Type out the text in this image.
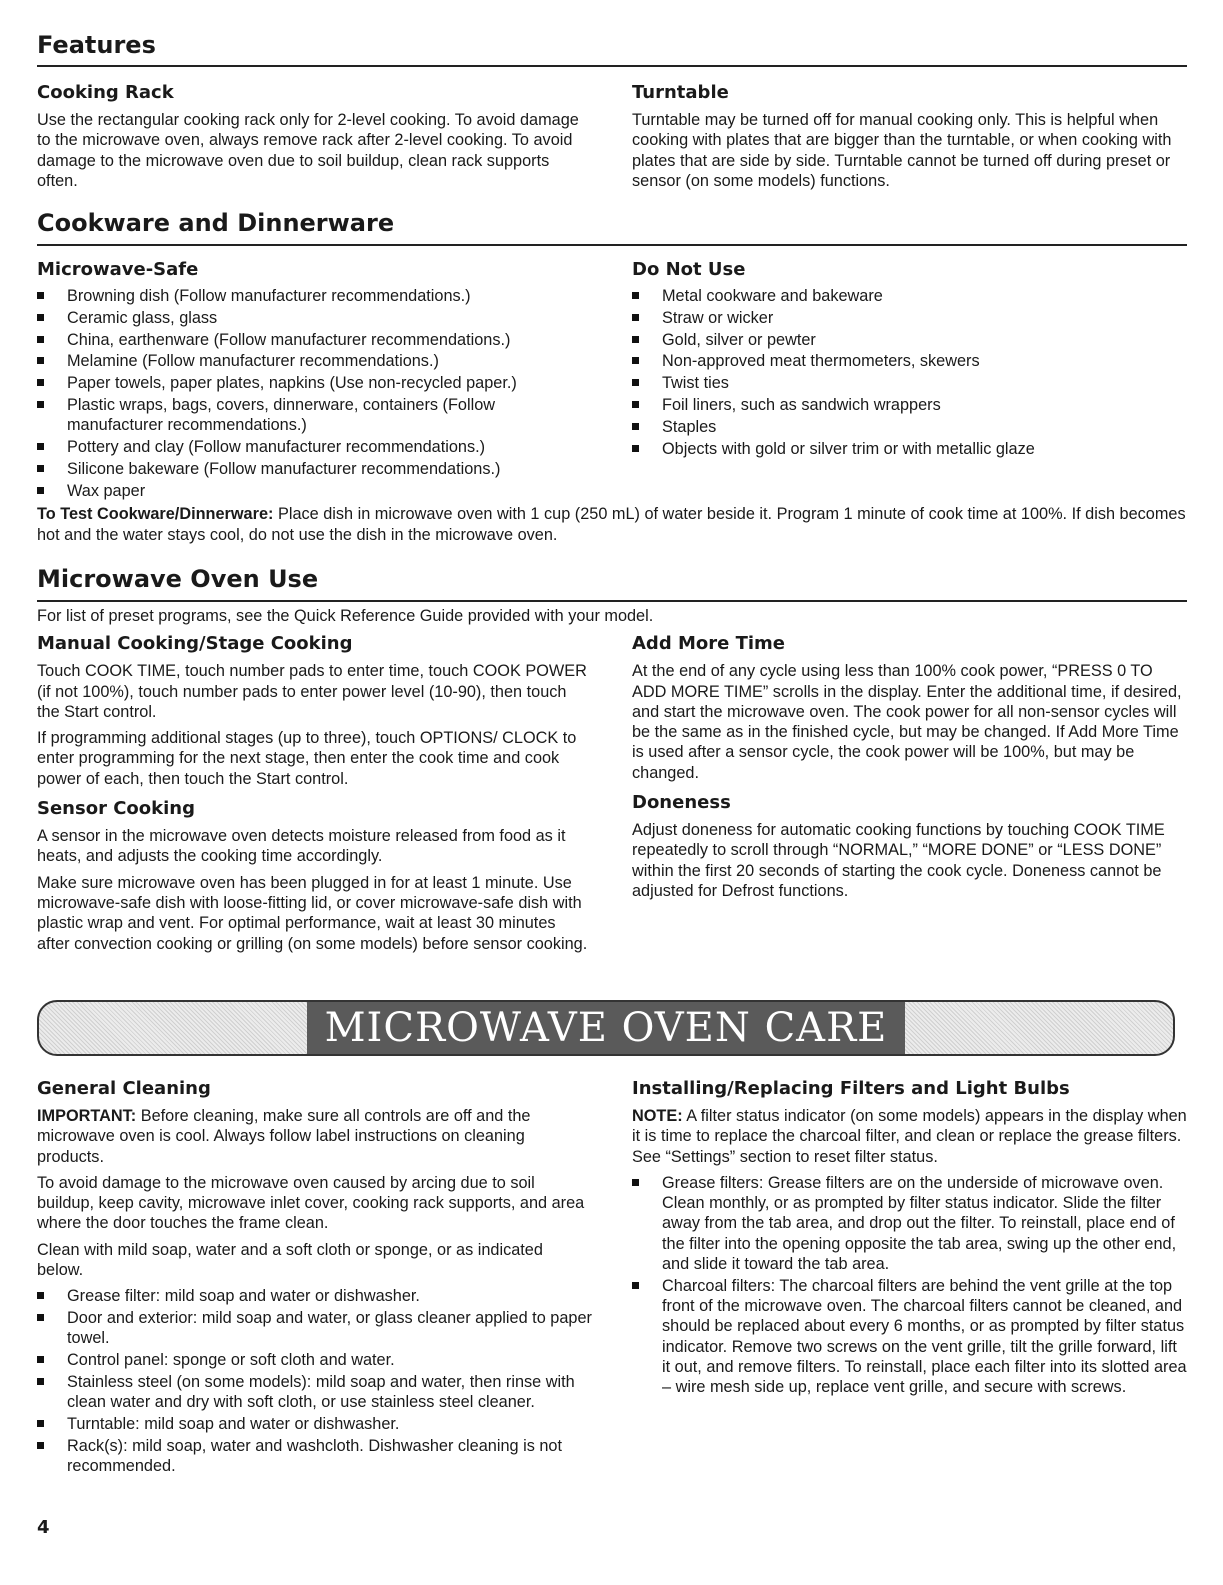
Features
Cooking Rack

Use the rectangular cooking rack only for 2-level cooking. To avoid damage to the microwave oven, always remove rack after 2-level cooking. To avoid damage to the microwave oven due to soil buildup, clean rack supports often.

Turntable

Turntable may be turned off for manual cooking only. This is helpful when cooking with plates that are bigger than the turntable, or when cooking with plates that are side by side. Turntable cannot be turned off during preset or sensor (on some models) functions.

Cookware and Dinnerware
Microwave-Safe
Browning dish (Follow manufacturer recommendations.)
Ceramic glass, glass
China, earthenware (Follow manufacturer recommendations.)
Melamine (Follow manufacturer recommendations.)
Paper towels, paper plates, napkins (Use non-recycled paper.)
Plastic wraps, bags, covers, dinnerware, containers (Follow manufacturer recommendations.)
Pottery and clay (Follow manufacturer recommendations.)
Silicone bakeware (Follow manufacturer recommendations.)
Wax paper
Do Not Use
Metal cookware and bakeware
Straw or wicker
Gold, silver or pewter
Non-approved meat thermometers, skewers
Twist ties
Foil liners, such as sandwich wrappers
Staples
Objects with gold or silver trim or with metallic glaze

To Test Cookware/Dinnerware: Place dish in microwave oven with 1 cup (250 mL) of water beside it. Program 1 minute of cook time at 100%. If dish becomes hot and the water stays cool, do not use the dish in the microwave oven.

Microwave Oven Use

For list of preset programs, see the Quick Reference Guide provided with your model.

Manual Cooking/Stage Cooking

Touch COOK TIME, touch number pads to enter time, touch COOK POWER (if not 100%), touch number pads to enter power level (10-90), then touch the Start control.

If programming additional stages (up to three), touch OPTIONS/ CLOCK to enter programming for the next stage, then enter the cook time and cook power of each, then touch the Start control.

Sensor Cooking

A sensor in the microwave oven detects moisture released from food as it heats, and adjusts the cooking time accordingly.

Make sure microwave oven has been plugged in for at least 1 minute. Use microwave-safe dish with loose-fitting lid, or cover microwave-safe dish with plastic wrap and vent. For optimal performance, wait at least 30 minutes after convection cooking or grilling (on some models) before sensor cooking.

Add More Time

At the end of any cycle using less than 100% cook power, “PRESS 0 TO ADD MORE TIME” scrolls in the display. Enter the additional time, if desired, and start the microwave oven. The cook power for all non-sensor cycles will be the same as in the finished cycle, but may be changed. If Add More Time is used after a sensor cycle, the cook power will be 100%, but may be changed.

Doneness

Adjust doneness for automatic cooking functions by touching COOK TIME repeatedly to scroll through “NORMAL,” “MORE DONE” or “LESS DONE” within the first 20 seconds of starting the cook cycle. Doneness cannot be adjusted for Defrost functions.

MICROWAVE OVEN CARE
General Cleaning

IMPORTANT: Before cleaning, make sure all controls are off and the microwave oven is cool. Always follow label instructions on cleaning products.

To avoid damage to the microwave oven caused by arcing due to soil buildup, keep cavity, microwave inlet cover, cooking rack supports, and area where the door touches the frame clean.

Clean with mild soap, water and a soft cloth or sponge, or as indicated below.

Grease filter: mild soap and water or dishwasher.
Door and exterior: mild soap and water, or glass cleaner applied to paper towel.
Control panel: sponge or soft cloth and water.
Stainless steel (on some models): mild soap and water, then rinse with clean water and dry with soft cloth, or use stainless steel cleaner.
Turntable: mild soap and water or dishwasher.
Rack(s): mild soap, water and washcloth. Dishwasher cleaning is not recommended.
Installing/Replacing Filters and Light Bulbs

NOTE: A filter status indicator (on some models) appears in the display when it is time to replace the charcoal filter, and clean or replace the grease filters. See “Settings” section to reset filter status.

Grease filters: Grease filters are on the underside of microwave oven. Clean monthly, or as prompted by filter status indicator. Slide the filter away from the tab area, and drop out the filter. To reinstall, place end of the filter into the opening opposite the tab area, swing up the other end, and slide it toward the tab area.
Charcoal filters: The charcoal filters are behind the vent grille at the top front of the microwave oven. The charcoal filters cannot be cleaned, and should be replaced about every 6 months, or as prompted by filter status indicator. Remove two screws on the vent grille, tilt the grille forward, lift it out, and remove filters. To reinstall, place each filter into its slotted area – wire mesh side up, replace vent grille, and secure with screws.
4
